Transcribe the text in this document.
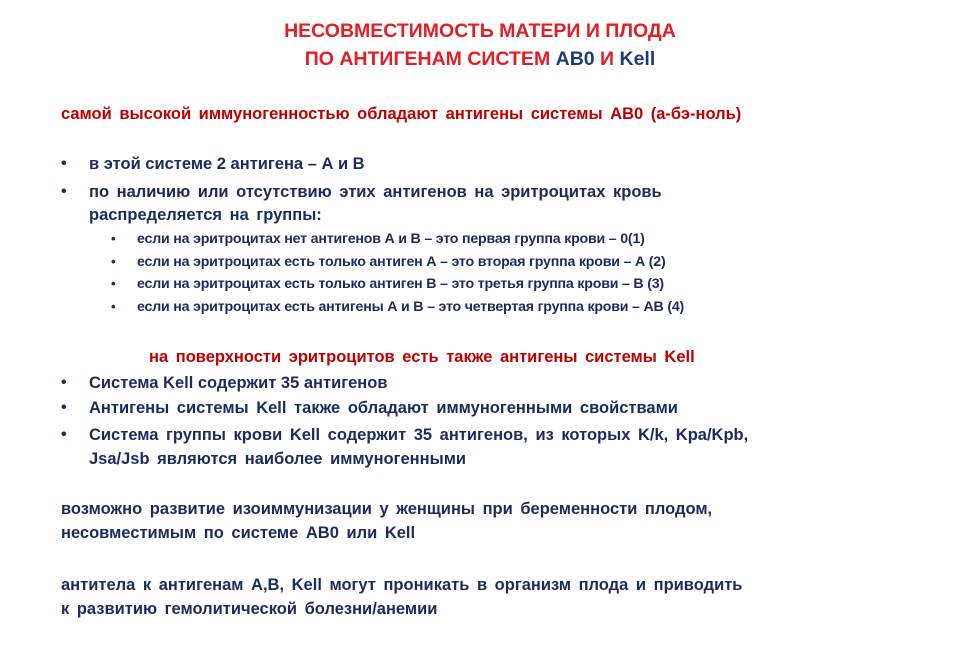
НЕСОВМЕСТИМОСТЬ МАТЕРИ И ПЛОДА
ПО АНТИГЕНАМ СИСТЕМ АВ0 И Kell
самой высокой иммуногенностью обладают антигены системы АВ0 (а-бэ-ноль)
• в этой системе 2 антигена – А и В
• по наличию или отсутствию этих антигенов на эритроцитах кровь
распределяется на группы:
• если на эритроцитах нет антигенов А и В – это первая группа крови – 0(1)
• если на эритроцитах есть только антиген А – это вторая группа крови – А (2)
• если на эритроцитах есть только антиген В – это третья группа крови – В (3)
• если на эритроцитах есть антигены А и В – это четвертая группа крови – АВ (4)
на поверхности эритроцитов есть также антигены системы Kell
• Система Kell содержит 35 антигенов
• Антигены системы Kell также обладают иммуногенными свойствами
• Система группы крови Kell содержит 35 антигенов, из которых K/k, Kpa/Kpb,
Jsa/Jsb являются наиболее иммуногенными
возможно развитие изоиммунизации у женщины при беременности плодом,
несовместимым по системе АВ0 или Kell
антитела к антигенам A,B, Kell могут проникать в организм плода и приводить
к развитию гемолитической болезни/анемии
